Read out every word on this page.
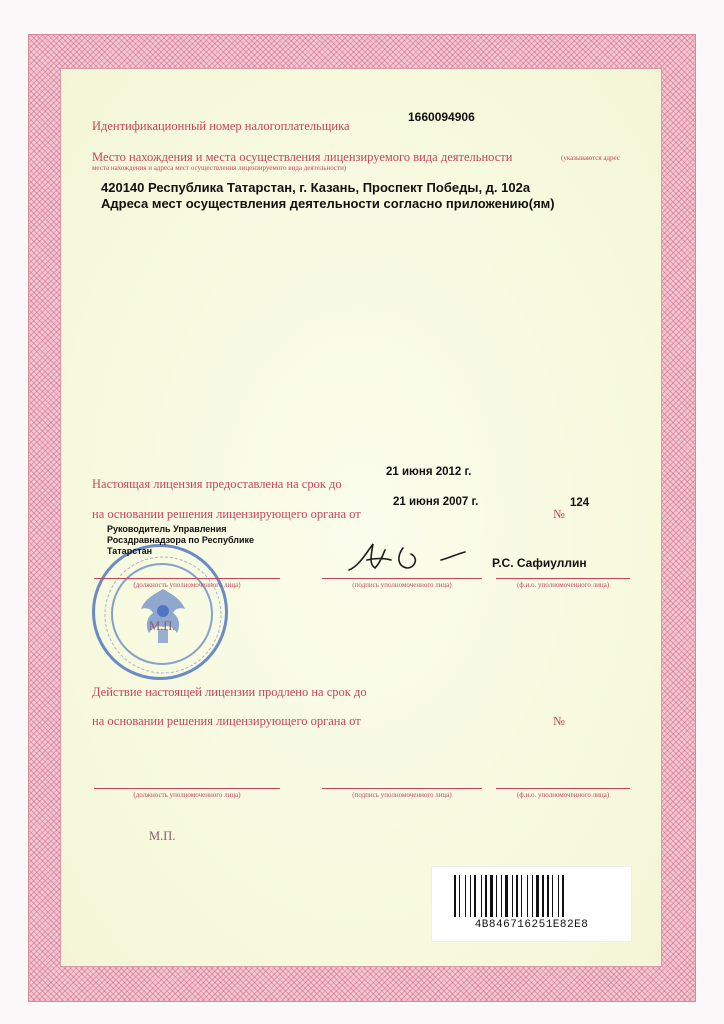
Идентификационный номер налогоплательщика
1660094906
Место нахождения и места осуществления лицензируемого вида деятельности	(указываются адрес
места нахождения и адреса мест осуществления лицензируемого вида деятельности)
420140 Республика Татарстан, г. Казань, Проспект Победы, д. 102а
Адреса мест осуществления деятельности согласно приложению(ям)
Настоящая лицензия предоставлена на срок до
21 июня 2012 г.
на основании решения лицензирующего органа от
21 июня 2007 г.
№
124
Руководитель Управления
Росздравнадзора по Республике
Татарстан
Р.С. Сафиуллин
(должность уполномоченного лица)	(подпись уполномоченного лица)	(ф.и.о. уполномоченного лица)
М.П.
Действие настоящей лицензии продлено на срок до
на основании решения лицензирующего органа от	№
(должность уполномоченного лица)	(подпись уполномоченного лица)	(ф.и.о. уполномоченного лица)
М.П.
4В846716251Е82Е8
